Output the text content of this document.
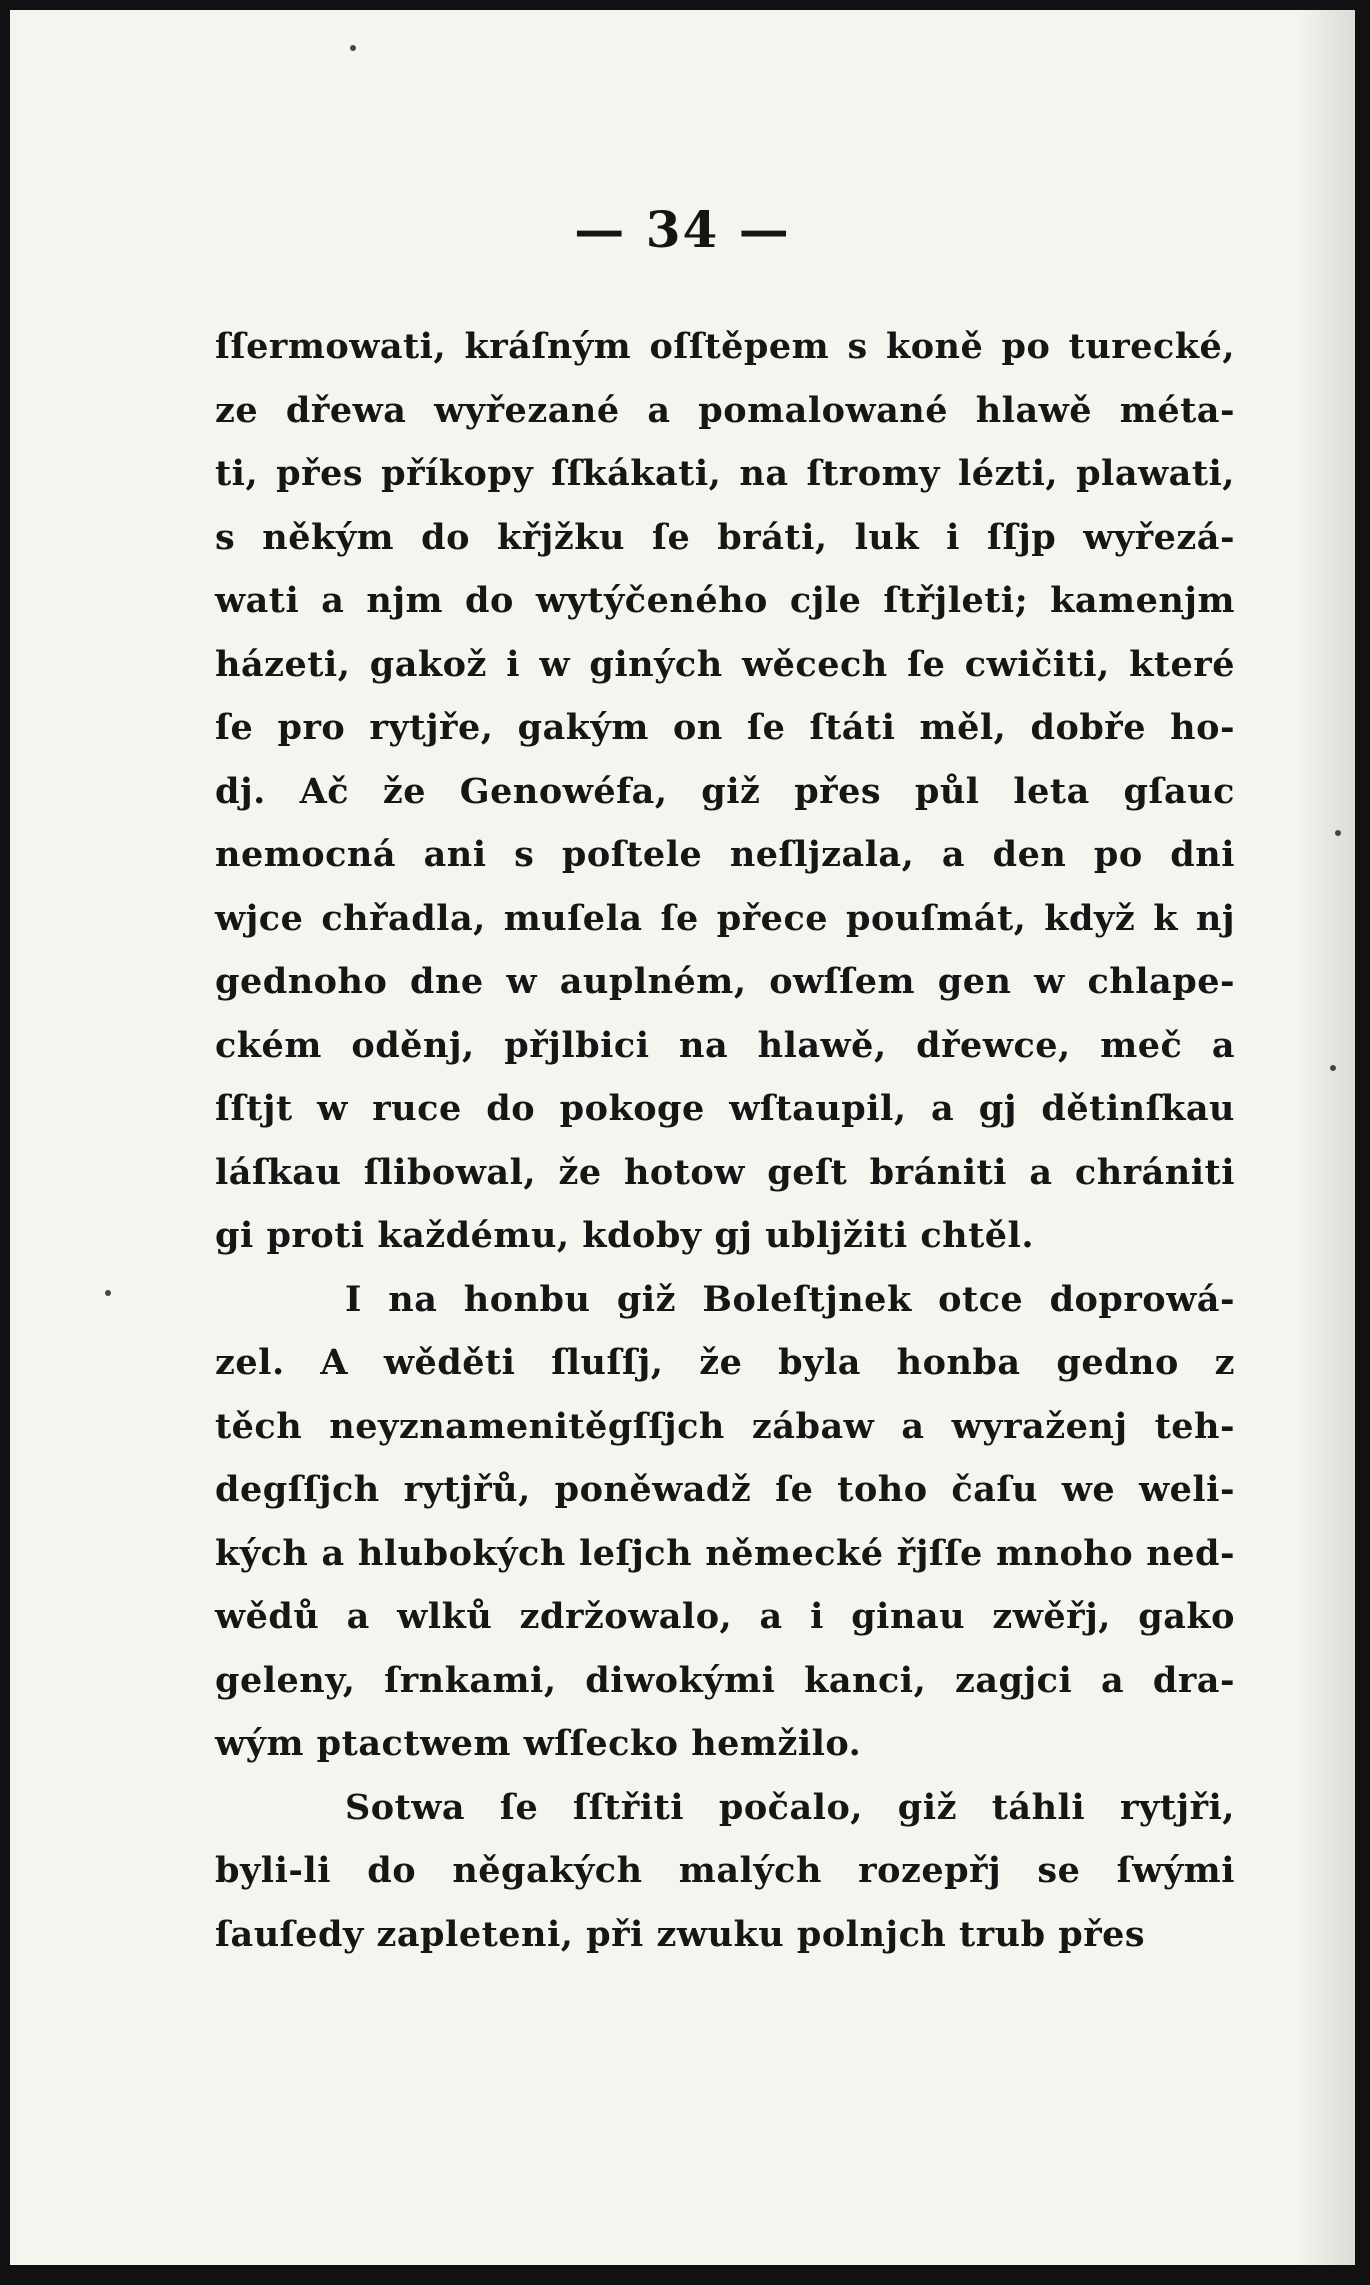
— 34 —
ſſermowati, kráſným oſſtěpem s koně po turecké,
ze dřewa wyřezané a pomalowané hlawě méta-
ti, přes příkopy ſſkákati, na ſtromy lézti, plawati,
s někým do křjžku ſe bráti, luk i ſſjp wyřezá-
wati a njm do wytýčeného cjle ſtřjleti; kamenjm
házeti, gakož i w giných wěcech ſe cwičiti, které
ſe pro rytjře, gakým on ſe ſtáti měl, dobře ho-
dj. Ač že Genowéfa, giž přes půl leta gſauc
nemocná ani s poſtele neſljzala, a den po dni
wjce chřadla, muſela ſe přece pouſmát, když k nj
gednoho dne w auplném, owſſem gen w chlape-
ckém oděnj, přjlbici na hlawě, dřewce, meč a
ſſtjt w ruce do pokoge wſtaupil, a gj dětinſkau
láſkau ſlibowal, že hotow geſt brániti a chrániti
gi proti každému, kdoby gj ublјžiti chtěl.
I na honbu giž Boleſtjnek otce doprowá-
zel. A wěděti ſluſſj, že byla honba gedno z
těch neyznamenitěgſſjch zábaw a wyraženj teh-
degſſjch rytjřů, poněwadž ſe toho čaſu we weli-
kých a hlubokých leſjch německé řjſſe mnoho ned-
wědů a wlků zdržowalo, a i ginau zwěřj, gako
geleny, ſrnkami, diwokými kanci, zagjci a dra-
wým ptactwem wſſecko hemžilo.
Sotwa ſe ſſtřiti počalo, giž táhli rytjři,
byli-li do něgakých malých rozepřj se ſwými
ſauſedy zapleteni, při zwuku polnjch trub přes
